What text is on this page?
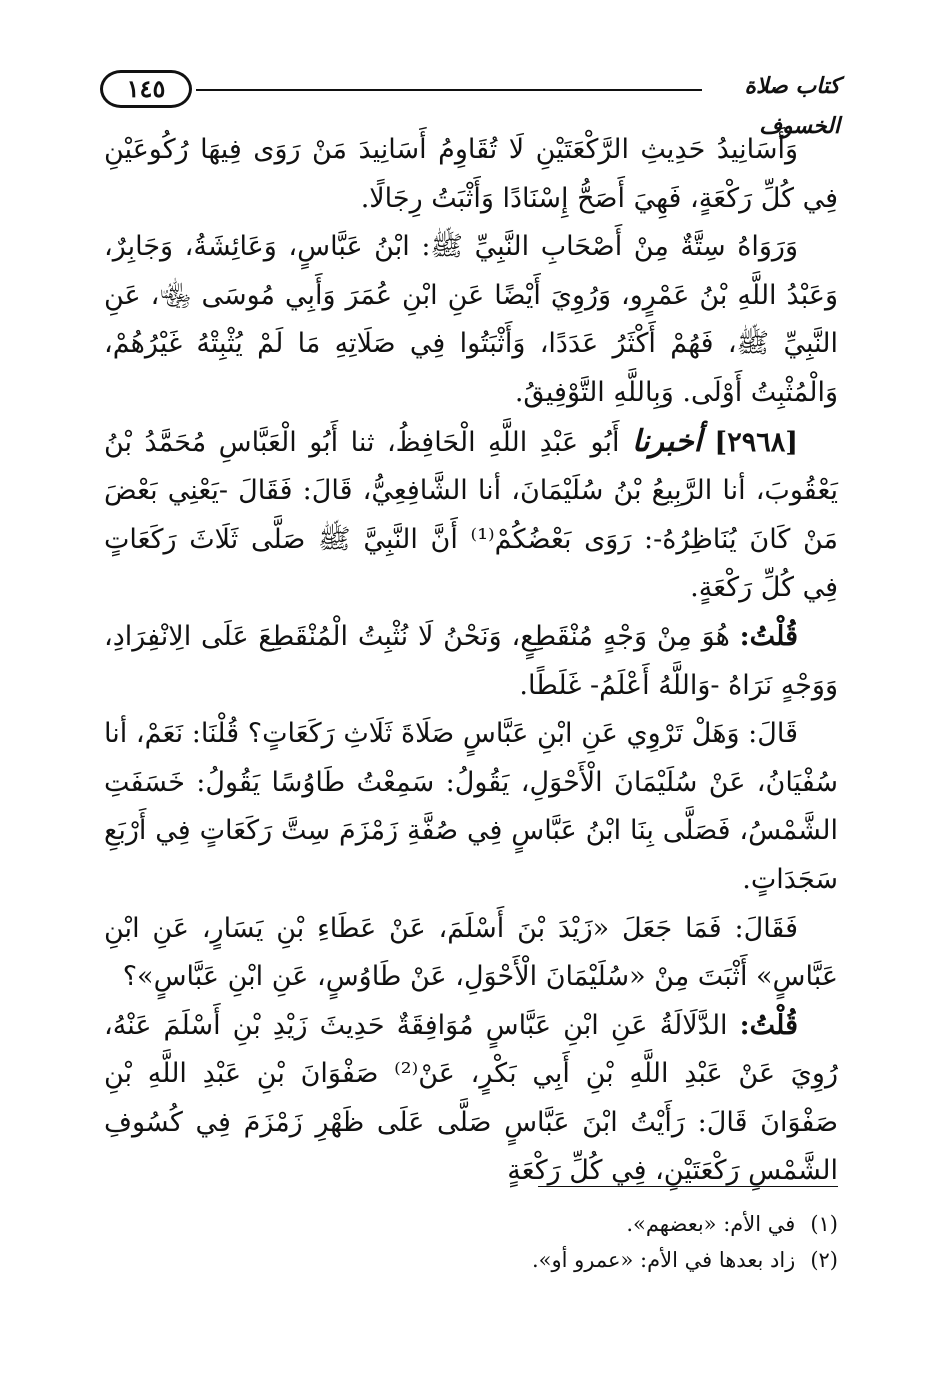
١٤٥	كتاب صلاة الخسوف

وَأَسَانِيدُ حَدِيثِ الرَّكْعَتَيْنِ لَا تُقَاوِمُ أَسَانِيدَ مَنْ رَوَى فِيهَا رُكُوعَيْنِ فِي كُلِّ رَكْعَةٍ، فَهِيَ أَصَحُّ إِسْنَادًا وَأَثْبَتُ رِجَالًا.

وَرَوَاهُ سِتَّةٌ مِنْ أَصْحَابِ النَّبِيِّ ﷺ: ابْنُ عَبَّاسٍ، وَعَائِشَةُ، وَجَابِرٌ، وَعَبْدُ اللَّهِ بْنُ عَمْرٍو، وَرُوِيَ أَيْضًا عَنِ ابْنِ عُمَرَ وَأَبِي مُوسَى ﵄، عَنِ النَّبِيِّ ﷺ، فَهُمْ أَكْثَرُ عَدَدًا، وَأَثْبَتُوا فِي صَلَاتِهِ مَا لَمْ يُثْبِتْهُ غَيْرُهُمْ، وَالْمُثْبِتُ أَوْلَى. وَبِاللَّهِ التَّوْفِيقُ.

[٢٩٦٨] أخبرنا أَبُو عَبْدِ اللَّهِ الْحَافِظُ، ثنا أَبُو الْعَبَّاسِ مُحَمَّدُ بْنُ يَعْقُوبَ، أنا الرَّبِيعُ بْنُ سُلَيْمَانَ، أنا الشَّافِعِيُّ، قَالَ: فَقَالَ -يَعْنِي بَعْضَ مَنْ كَانَ يُنَاظِرُهُ-: رَوَى بَعْضُكُمْ⁽¹⁾ أَنَّ النَّبِيَّ ﷺ صَلَّى ثَلَاثَ رَكَعَاتٍ فِي كُلِّ رَكْعَةٍ.

قُلْتُ: هُوَ مِنْ وَجْهٍ مُنْقَطِعٍ، وَنَحْنُ لَا نُثْبِتُ الْمُنْقَطِعَ عَلَى الِانْفِرَادِ، وَوَجْهٍ نَرَاهُ -وَاللَّهُ أَعْلَمُ- غَلَطًا.

قَالَ: وَهَلْ تَرْوِي عَنِ ابْنِ عَبَّاسٍ صَلَاةَ ثَلَاثِ رَكَعَاتٍ؟ قُلْنَا: نَعَمْ، أنا سُفْيَانُ، عَنْ سُلَيْمَانَ الْأَحْوَلِ، يَقُولُ: سَمِعْتُ طَاوُسًا يَقُولُ: خَسَفَتِ الشَّمْسُ، فَصَلَّى بِنَا ابْنُ عَبَّاسٍ فِي صُفَّةِ زَمْزَمَ سِتَّ رَكَعَاتٍ فِي أَرْبَعِ سَجَدَاتٍ.

فَقَالَ: فَمَا جَعَلَ «زَيْدَ بْنَ أَسْلَمَ، عَنْ عَطَاءِ بْنِ يَسَارٍ، عَنِ ابْنِ عَبَّاسٍ» أَثْبَتَ مِنْ «سُلَيْمَانَ الْأَحْوَلِ، عَنْ طَاوُسٍ، عَنِ ابْنِ عَبَّاسٍ»؟

قُلْتُ: الدَّلَالَةُ عَنِ ابْنِ عَبَّاسٍ مُوَافِقَةٌ حَدِيثَ زَيْدِ بْنِ أَسْلَمَ عَنْهُ، رُوِيَ عَنْ عَبْدِ اللَّهِ بْنِ أَبِي بَكْرٍ، عَنْ⁽²⁾ صَفْوَانَ بْنِ عَبْدِ اللَّهِ بْنِ صَفْوَانَ قَالَ: رَأَيْتُ ابْنَ عَبَّاسٍ صَلَّى عَلَى ظَهْرِ زَمْزَمَ فِي كُسُوفِ الشَّمْسِ رَكْعَتَيْنِ، فِي كُلِّ رَكْعَةٍ

(١) في الأم: «بعضهم».

(٢) زاد بعدها في الأم: «عمرو أو».
